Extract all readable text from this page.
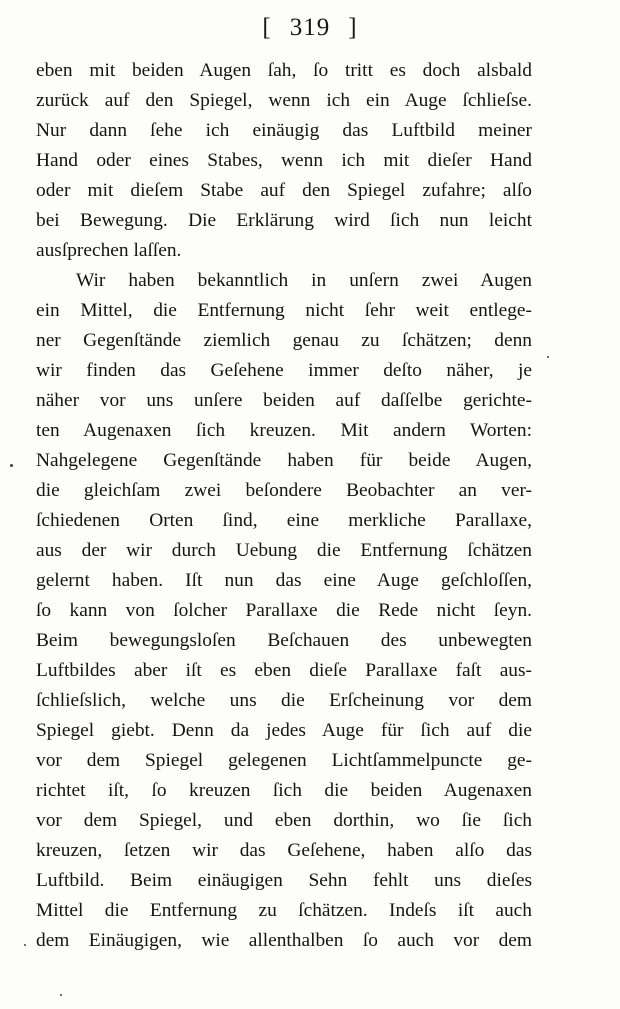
[ 319 ]
eben mit beiden Augen ſah, ſo tritt es doch alsbald
zurück auf den Spiegel, wenn ich ein Auge ſchlieſse.
Nur dann ſehe ich einäugig das Luftbild meiner
Hand oder eines Stabes, wenn ich mit dieſer Hand
oder mit dieſem Stabe auf den Spiegel zufahre; alſo
bei Bewegung. Die Erklärung wird ſich nun leicht
ausſprechen laſſen.
Wir haben bekanntlich in unſern zwei Augen
ein Mittel, die Entfernung nicht ſehr weit entlege-
ner Gegenſtände ziemlich genau zu ſchätzen; denn
wir finden das Geſehene immer deſto näher, je
näher vor uns unſere beiden auf daſſelbe gerichte-
ten Augenaxen ſich kreuzen. Mit andern Worten:
Nahgelegene Gegenſtände haben für beide Augen,
die gleichſam zwei beſondere Beobachter an ver-
ſchiedenen Orten ſind, eine merkliche Parallaxe,
aus der wir durch Uebung die Entfernung ſchätzen
gelernt haben. Iſt nun das eine Auge geſchloſſen,
ſo kann von ſolcher Parallaxe die Rede nicht ſeyn.
Beim bewegungsloſen Beſchauen des unbewegten
Luftbildes aber iſt es eben dieſe Parallaxe faſt aus-
ſchlieſslich, welche uns die Erſcheinung vor dem
Spiegel giebt. Denn da jedes Auge für ſich auf die
vor dem Spiegel gelegenen Lichtſammelpuncte ge-
richtet iſt, ſo kreuzen ſich die beiden Augenaxen
vor dem Spiegel, und eben dorthin, wo ſie ſich
kreuzen, ſetzen wir das Geſehene, haben alſo das
Luftbild. Beim einäugigen Sehn fehlt uns dieſes
Mittel die Entfernung zu ſchätzen. Indeſs iſt auch
dem Einäugigen, wie allenthalben ſo auch vor dem
